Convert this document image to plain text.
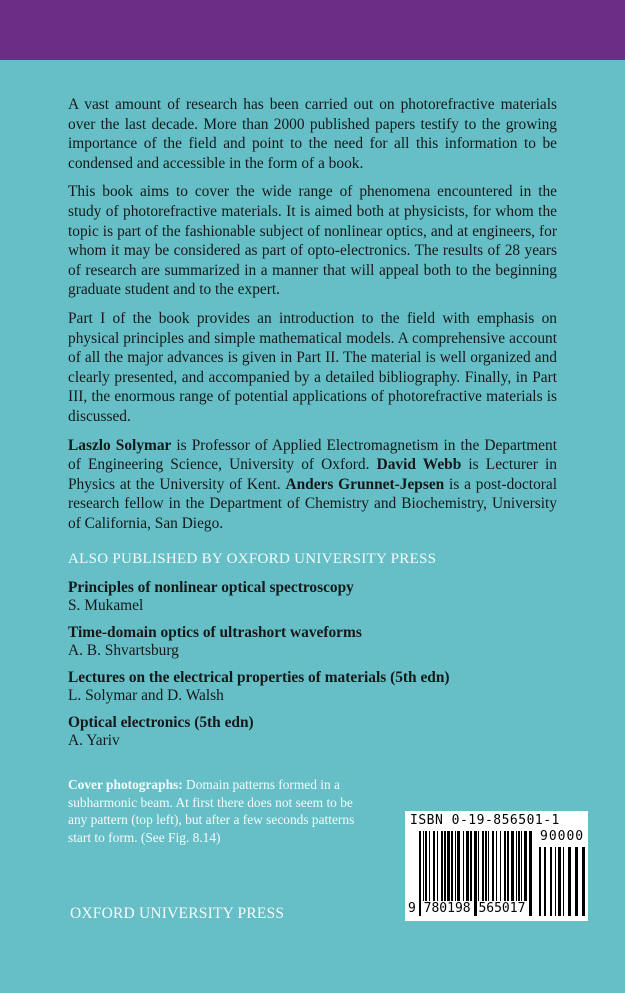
A vast amount of research has been carried out on photorefractive materials over the last decade. More than 2000 published papers testify to the growing importance of the field and point to the need for all this information to be condensed and accessible in the form of a book.

This book aims to cover the wide range of phenomena encountered in the study of photorefractive materials. It is aimed both at physicists, for whom the topic is part of the fashionable subject of nonlinear optics, and at engineers, for whom it may be considered as part of opto-electronics. The results of 28 years of research are summarized in a manner that will appeal both to the beginning graduate student and to the expert.

Part I of the book provides an introduction to the field with emphasis on physical principles and simple mathematical models. A comprehensive account of all the major advances is given in Part II. The material is well organized and clearly presented, and accompanied by a detailed bibliography. Finally, in Part III, the enormous range of potential applications of photorefractive materials is discussed.

Laszlo Solymar is Professor of Applied Electromagnetism in the Department of Engineering Science, University of Oxford. David Webb is Lecturer in Physics at the University of Kent. Anders Grunnet-Jepsen is a post-doctoral research fellow in the Department of Chemistry and Biochemistry, University of California, San Diego.

ALSO PUBLISHED BY OXFORD UNIVERSITY PRESS
Principles of nonlinear optical spectroscopy
S. Mukamel
Time-domain optics of ultrashort waveforms
A. B. Shvartsburg
Lectures on the electrical properties of materials (5th edn)
L. Solymar and D. Walsh
Optical electronics (5th edn)
A. Yariv
Cover photographs: Domain patterns formed in a subharmonic beam. At first there does not seem to be any pattern (top left), but after a few seconds patterns start to form. (See Fig. 8.14)
OXFORD UNIVERSITY PRESS
ISBN 0-19-856501-1
90000
9 780198 565017
